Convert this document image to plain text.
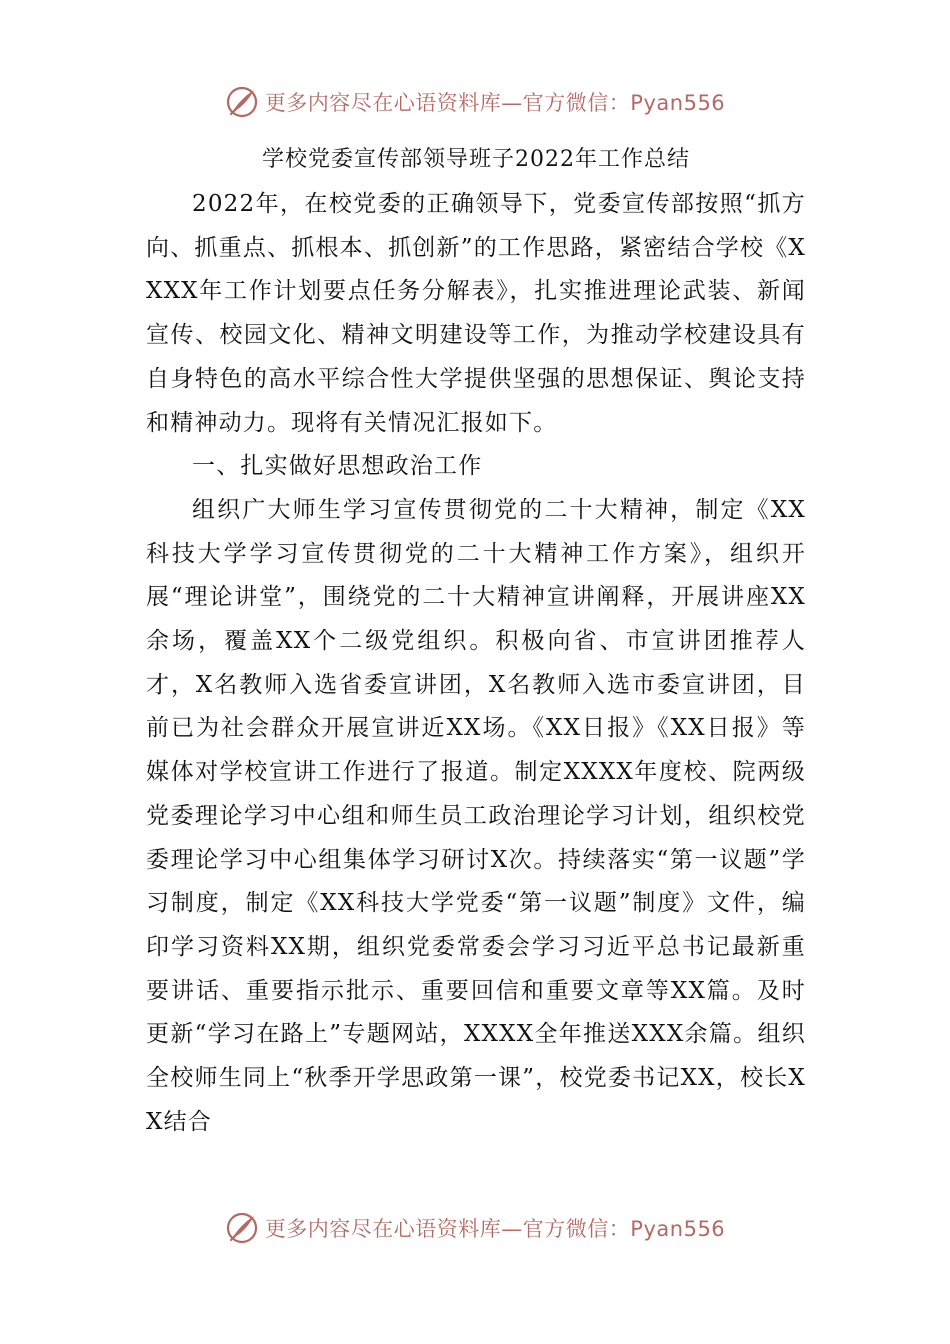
更多内容尽在心语资料库—官方微信：Pyan556
学校党委宣传部领导班子2022年工作总结

2022年，在校党委的正确领导下，党委宣传部按照“抓方向、抓重点、抓根本、抓创新”的工作思路，紧密结合学校《XXXX年工作计划要点任务分解表》，扎实推进理论武装、新闻宣传、校园文化、精神文明建设等工作，为推动学校建设具有自身特色的高水平综合性大学提供坚强的思想保证、舆论支持和精神动力。现将有关情况汇报如下。

一、扎实做好思想政治工作

组织广大师生学习宣传贯彻党的二十大精神，制定《XX科技大学学习宣传贯彻党的二十大精神工作方案》，组织开展“理论讲堂”，围绕党的二十大精神宣讲阐释，开展讲座XX余场，覆盖XX个二级党组织。积极向省、市宣讲团推荐人才，X名教师入选省委宣讲团，X名教师入选市委宣讲团，目前已为社会群众开展宣讲近XX场。《XX日报》《XX日报》等媒体对学校宣讲工作进行了报道。制定XXXX年度校、院两级党委理论学习中心组和师生员工政治理论学习计划，组织校党委理论学习中心组集体学习研讨X次。持续落实“第一议题”学习制度，制定《XX科技大学党委“第一议题”制度》文件，编印学习资料XX期，组织党委常委会学习习近平总书记最新重要讲话、重要指示批示、重要回信和重要文章等XX篇。及时更新“学习在路上”专题网站，XXXX全年推送XXX余篇。组织全校师生同上“秋季开学思政第一课”，校党委书记XX，校长XX结合

更多内容尽在心语资料库—官方微信：Pyan556
